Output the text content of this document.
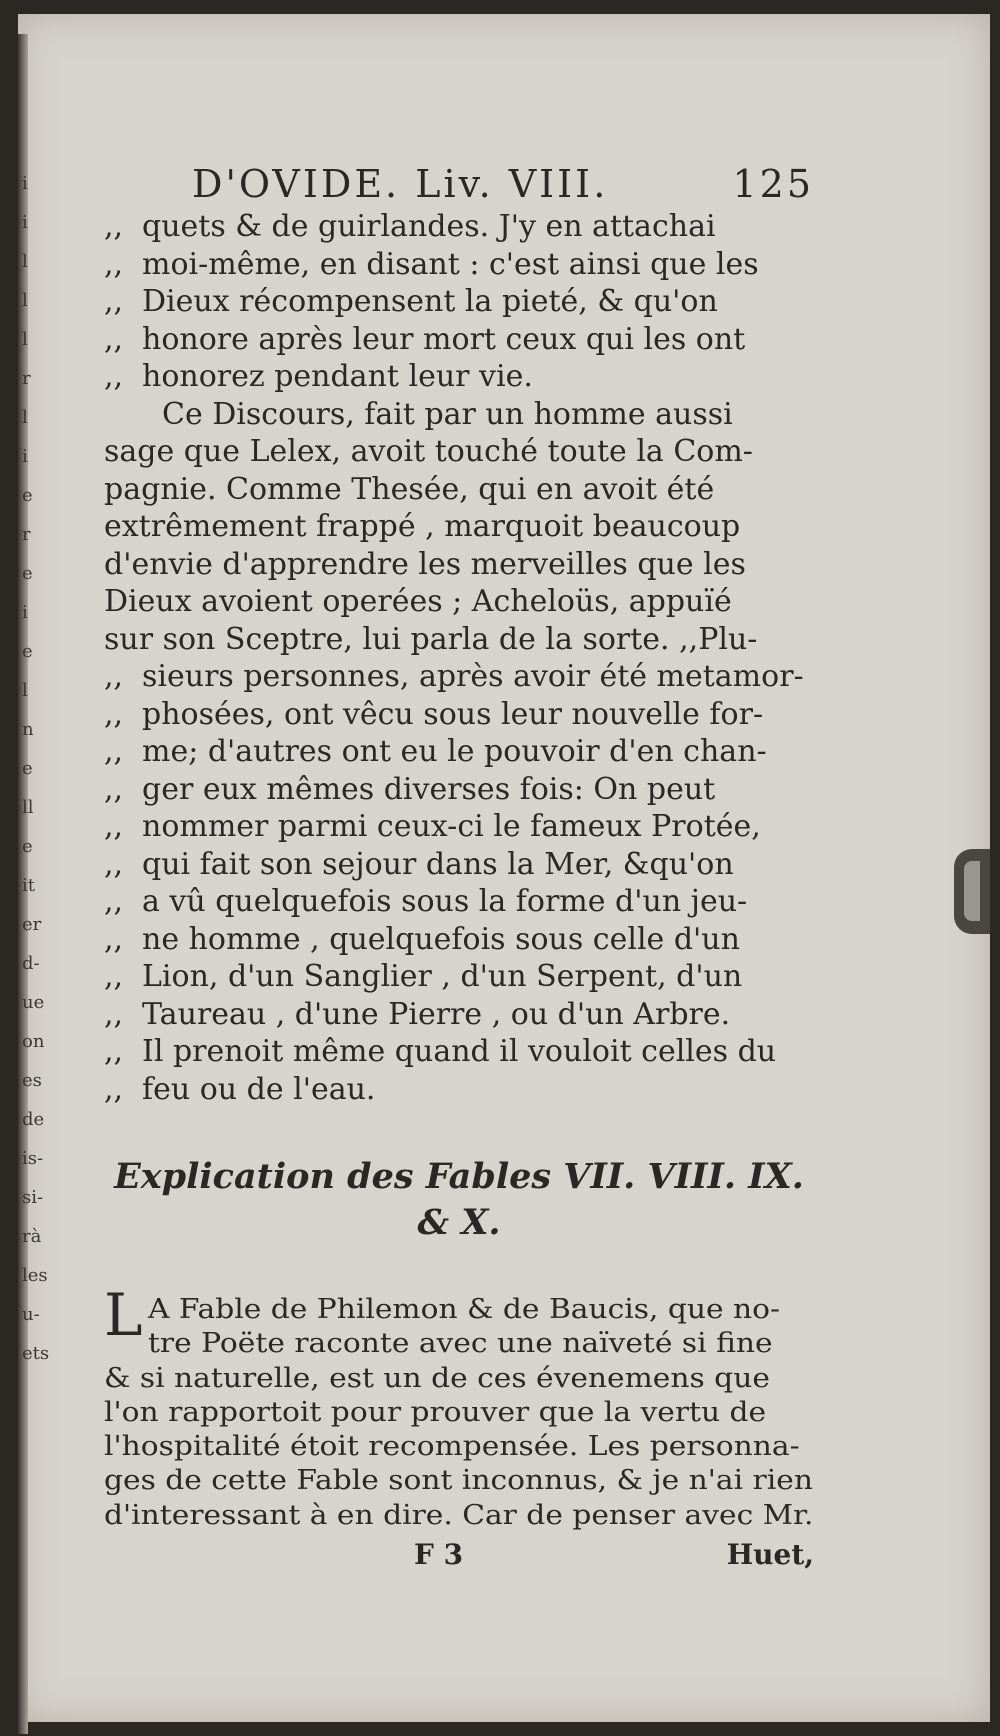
i
i
l
l
l
r
l
i
e
r
e
i
e
l
n
e
ll
e
it
er
d-
ue
on
es
de
is-
si-
rà
les
u-
ets
D'OVIDE. Liv. VIII.	125
,, quets & de guirlandes. J'y en attachai
,, moi-même, en disant : c'est ainsi que les
,, Dieux récompensent la pieté, & qu'on
,, honore après leur mort ceux qui les ont
,, honorez pendant leur vie.
Ce Discours, fait par un homme aussi
sage que Lelex, avoit touché toute la Com-
pagnie. Comme Thesée, qui en avoit été
extrêmement frappé , marquoit beaucoup
d'envie d'apprendre les merveilles que les
Dieux avoient operées ; Acheloüs, appuïé
sur son Sceptre, lui parla de la sorte. ,,Plu-
,, sieurs personnes, après avoir été metamor-
,, phosées, ont vêcu sous leur nouvelle for-
,, me; d'autres ont eu le pouvoir d'en chan-
,, ger eux mêmes diverses fois: On peut
,, nommer parmi ceux-ci le fameux Protée,
,, qui fait son sejour dans la Mer, &qu'on
,, a vû quelquefois sous la forme d'un jeu-
,, ne homme , quelquefois sous celle d'un
,, Lion, d'un Sanglier , d'un Serpent, d'un
,, Taureau , d'une Pierre , ou d'un Arbre.
,, Il prenoit même quand il vouloit celles du
,, feu ou de l'eau.
Explication des Fables VII. VIII. IX.
& X.
L A Fable de Philemon & de Baucis, que no-
tre Poëte raconte avec une naïveté si fine
& si naturelle, est un de ces évenemens que
l'on rapportoit pour prouver que la vertu de
l'hospitalité étoit recompensée. Les personna-
ges de cette Fable sont inconnus, & je n'ai rien
d'interessant à en dire. Car de penser avec Mr.
F 3	Huet,
